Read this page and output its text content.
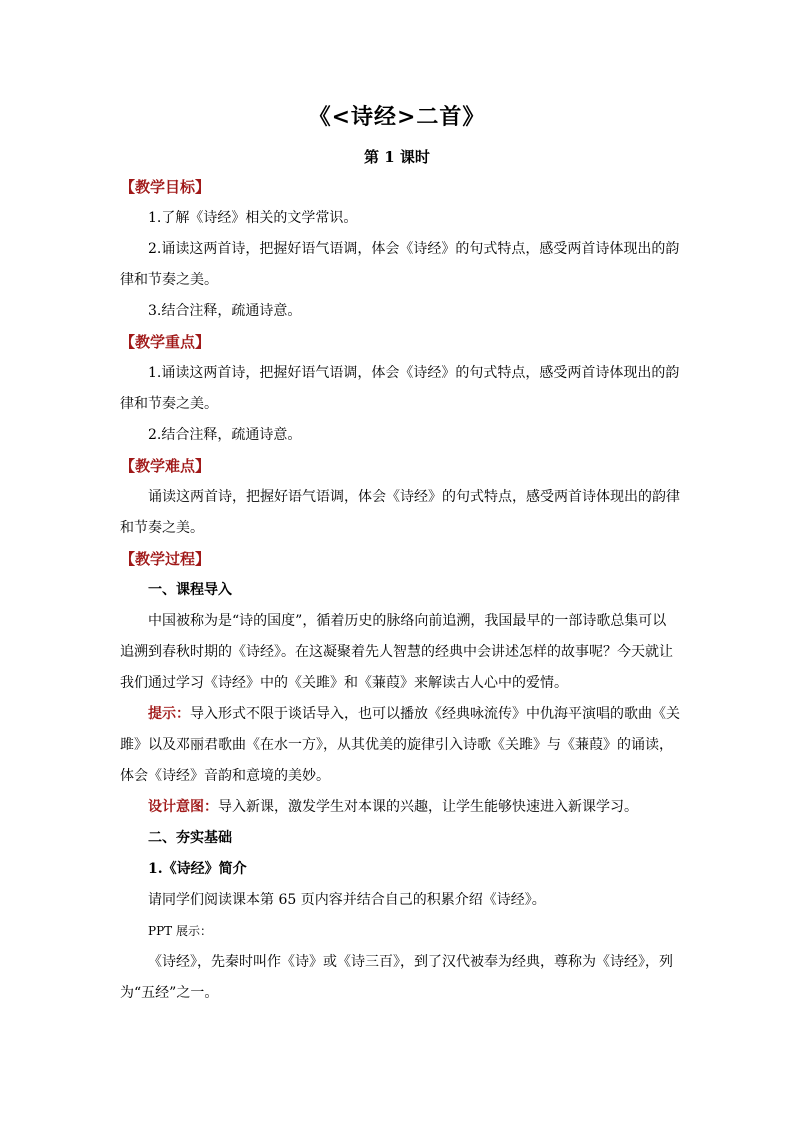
《<诗经>二首》
第 1 课时
【教学目标】

1.了解《诗经》相关的文学常识。

2.诵读这两首诗，把握好语气语调，体会《诗经》的句式特点，感受两首诗体现出的韵律和节奏之美。

3.结合注释，疏通诗意。

【教学重点】

1.诵读这两首诗，把握好语气语调，体会《诗经》的句式特点，感受两首诗体现出的韵律和节奏之美。

2.结合注释，疏通诗意。

【教学难点】

诵读这两首诗，把握好语气语调，体会《诗经》的句式特点，感受两首诗体现出的韵律和节奏之美。

【教学过程】

一、课程导入

中国被称为是“诗的国度”，循着历史的脉络向前追溯，我国最早的一部诗歌总集可以追溯到春秋时期的《诗经》。在这凝聚着先人智慧的经典中会讲述怎样的故事呢？今天就让我们通过学习《诗经》中的《关雎》和《蒹葭》来解读古人心中的爱情。

提示：导入形式不限于谈话导入，也可以播放《经典咏流传》中仇海平演唱的歌曲《关雎》以及邓丽君歌曲《在水一方》，从其优美的旋律引入诗歌《关雎》与《蒹葭》的诵读，体会《诗经》音韵和意境的美妙。

设计意图：导入新课，激发学生对本课的兴趣，让学生能够快速进入新课学习。

二、夯实基础

1.《诗经》简介

请同学们阅读课本第 65 页内容并结合自己的积累介绍《诗经》。

PPT 展示：

《诗经》，先秦时叫作《诗》或《诗三百》，到了汉代被奉为经典，尊称为《诗经》，列为“五经”之一。
